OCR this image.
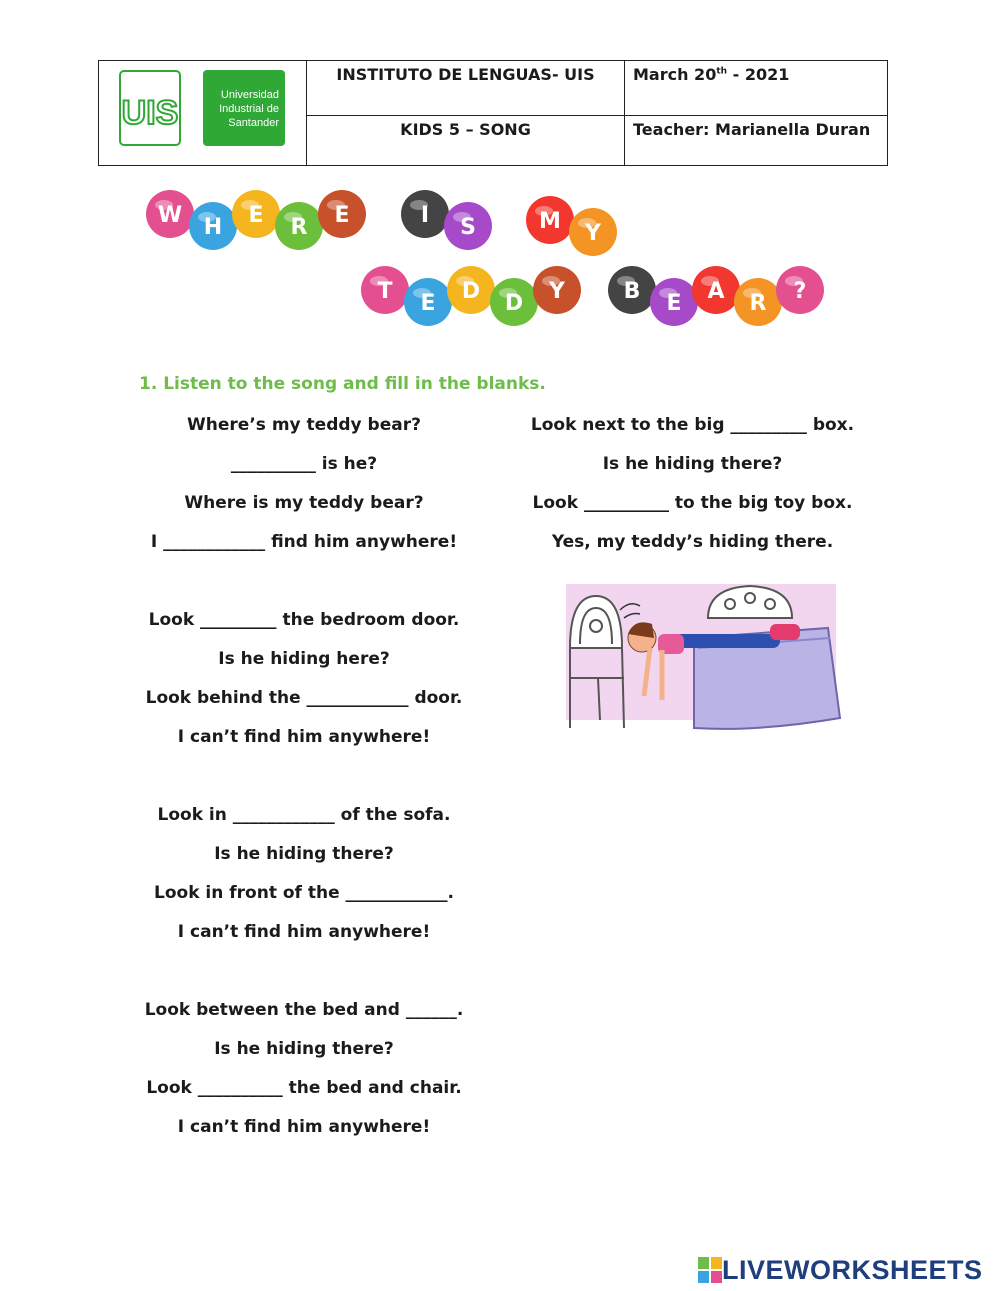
UIS	Universidad
Industrial de
Santander
INSTITUTO DE LENGUAS- UIS
KIDS 5 – SONG
March 20th - 2021
Teacher: Marianella Duran
W H E R E	I S	M Y
T E D D Y	B E A R ?
1. Listen to the song and fill in the blanks.
Where’s my teddy bear?
__________ is he?
Where is my teddy bear?
I ____________ find him anywhere!
Look _________ the bedroom door.
Is he hiding here?
Look behind the ____________ door.
I can’t find him anywhere!
Look in ____________ of the sofa.
Is he hiding there?
Look in front of the ____________.
I can’t find him anywhere!
Look between the bed and ______.
Is he hiding there?
Look __________ the bed and chair.
I can’t find him anywhere!
Look next to the big _________ box.
Is he hiding there?
Look __________ to the big toy box.
Yes, my teddy’s hiding there.
LIVEWORKSHEETS
